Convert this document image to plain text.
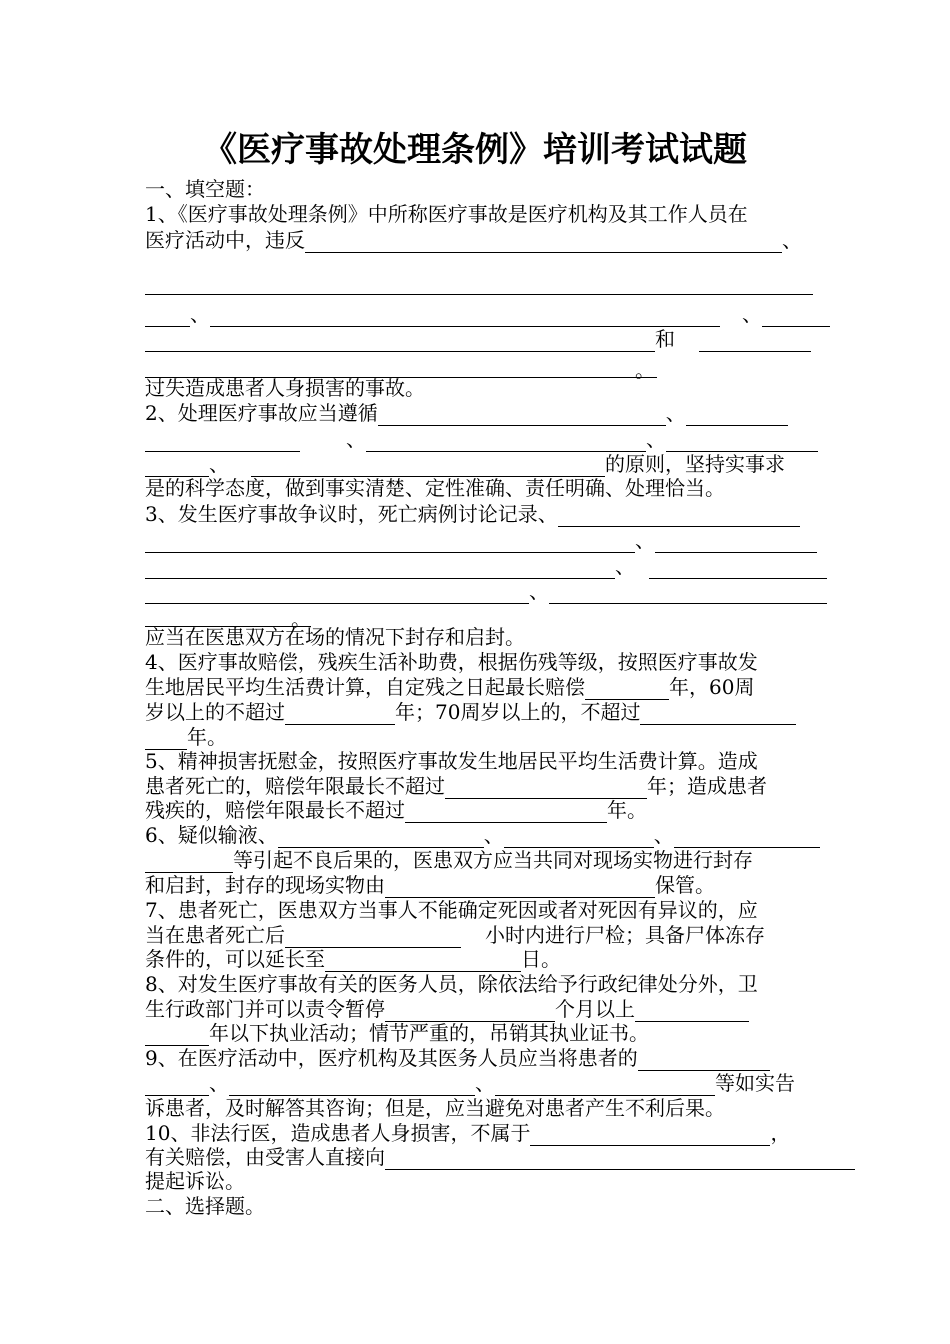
《医疗事故处理条例》培训考试试题
一、填空题：
1、《医疗事故处理条例》中所称医疗事故是医疗机构及其工作人员在
医疗活动中，违反	、
、	、
和
。
过失造成患者人身损害的事故。
2、处理医疗事故应当遵循	、
、	、
、	的原则，坚持实事求
是的科学态度，做到事实清楚、定性准确、责任明确、处理恰当。
3、发生医疗事故争议时，死亡病例讨论记录、
、
、
、
。
应当在医患双方在场的情况下封存和启封。
4、医疗事故赔偿，残疾生活补助费，根据伤残等级，按照医疗事故发
生地居民平均生活费计算，自定残之日起最长赔偿	年，60周
岁以上的不超过	年；70周岁以上的，不超过
年。
5、精神损害抚慰金，按照医疗事故发生地居民平均生活费计算。造成
患者死亡的，赔偿年限最长不超过	年；造成患者
残疾的，赔偿年限最长不超过	年。
6、疑似输液、	、	、
等引起不良后果的，医患双方应当共同对现场实物进行封存
和启封，封存的现场实物由	保管。
7、患者死亡，医患双方当事人不能确定死因或者对死因有异议的，应
当在患者死亡后	小时内进行尸检；具备尸体冻存
条件的，可以延长至	日。
8、对发生医疗事故有关的医务人员，除依法给予行政纪律处分外，卫
生行政部门并可以责令暂停	个月以上
年以下执业活动；情节严重的，吊销其执业证书。
9、在医疗活动中，医疗机构及其医务人员应当将患者的
、	、	等如实告
诉患者，及时解答其咨询；但是，应当避免对患者产生不利后果。
10、非法行医，造成患者人身损害，不属于	，
有关赔偿，由受害人直接向
提起诉讼。
二、选择题。
